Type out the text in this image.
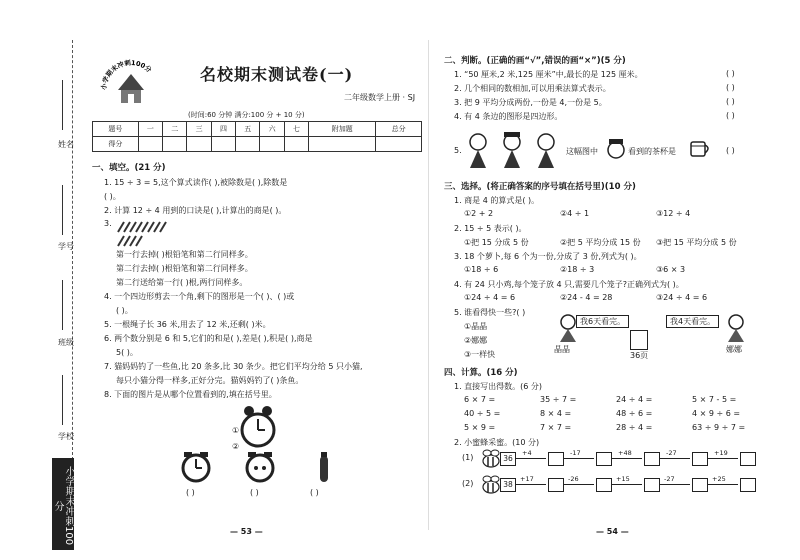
姓名
学号
班级
学校
小学期末冲刺100分
小学期末冲刺100分	名校期末测试卷(一)
二年级数学上册 · SJ
(时间:60 分钟 满分:100 分 + 10 分)
题号	一	二	三	四	五	六	七	附加题	总分
得分									
一、填空。(21 分)
1. 15 ÷ 3 = 5,这个算式读作( ),被除数是( ),除数是
( )。
2. 计算 12 ÷ 4 用到的口诀是( ),计算出的商是( )。
3.
第一行去掉( )根铅笔和第二行同样多。
第二行去掉( )根铅笔和第二行同样多。
第二行送给第一行( )根,两行同样多。
4. 一个四边形剪去一个角,剩下的图形是一个( )、( )或
( )。
5. 一根绳子长 36 米,用去了 12 米,还剩( )米。
6. 两个数分别是 6 和 5,它们的和是( ),差是( ),积是( ),商是
5( )。
7. 猫妈妈钓了一些鱼,比 20 条多,比 30 条少。把它们平均分给 5 只小猫,
每只小猫分得一样多,正好分完。猫妈妈钓了( )条鱼。
8. 下面的图片是从哪个位置看到的,填在括号里。
①
②
( )	( )	( )
— 53 —
二、判断。(正确的画“√”,错误的画“×”)(5 分)
1. “50 厘米,2 米,125 厘米”中,最长的是 125 厘米。
2. 几个相同的数相加,可以用乘法算式表示。
3. 把 9 平均分成两份,一份是 4,一份是 5。
4. 有 4 条边的图形是四边形。
( )
( )
( )
( )
5.	这幅图中	看到的茶杯是	( )
三、选择。(将正确答案的序号填在括号里)(10 分)
1. 商是 4 的算式是( )。
①2 + 2	②4 ÷ 1	③12 ÷ 4
2. 15 ÷ 5 表示( )。
①把 15 分成 5 份	②把 5 平均分成 15 份 ③把 15 平均分成 5 份
3. 18 个萝卜,每 6 个为一份,分成了 3 份,列式为( )。
①18 ÷ 6	②18 ÷ 3	③6 × 3
4. 有 24 只小鸡,每个笼子放 4 只,需要几个笼子?正确列式为( )。
①24 ÷ 4 = 6	②24 - 4 = 28	③24 ÷ 4 = 6
5. 谁看得快一些?( )
①晶晶
②娜娜
③一样快
我6天看完。
晶晶
36页
我4天看完。
娜娜
四、计算。(16 分)
1. 直接写出得数。(6 分)
6 × 7 =	35 ÷ 7 =	24 ÷ 4 =	5 × 7 - 5 =
40 ÷ 5 =	8 × 4 =	48 ÷ 6 =	4 × 9 ÷ 6 =
5 × 9 =	7 × 7 =	28 ÷ 4 =	63 ÷ 9 ÷ 7 =
2. 小蜜蜂采蜜。(10 分)
(1)	36
+4	-17	+48	-27	+19
(2)	38
+17	-26	+15	-27	+25
— 54 —
